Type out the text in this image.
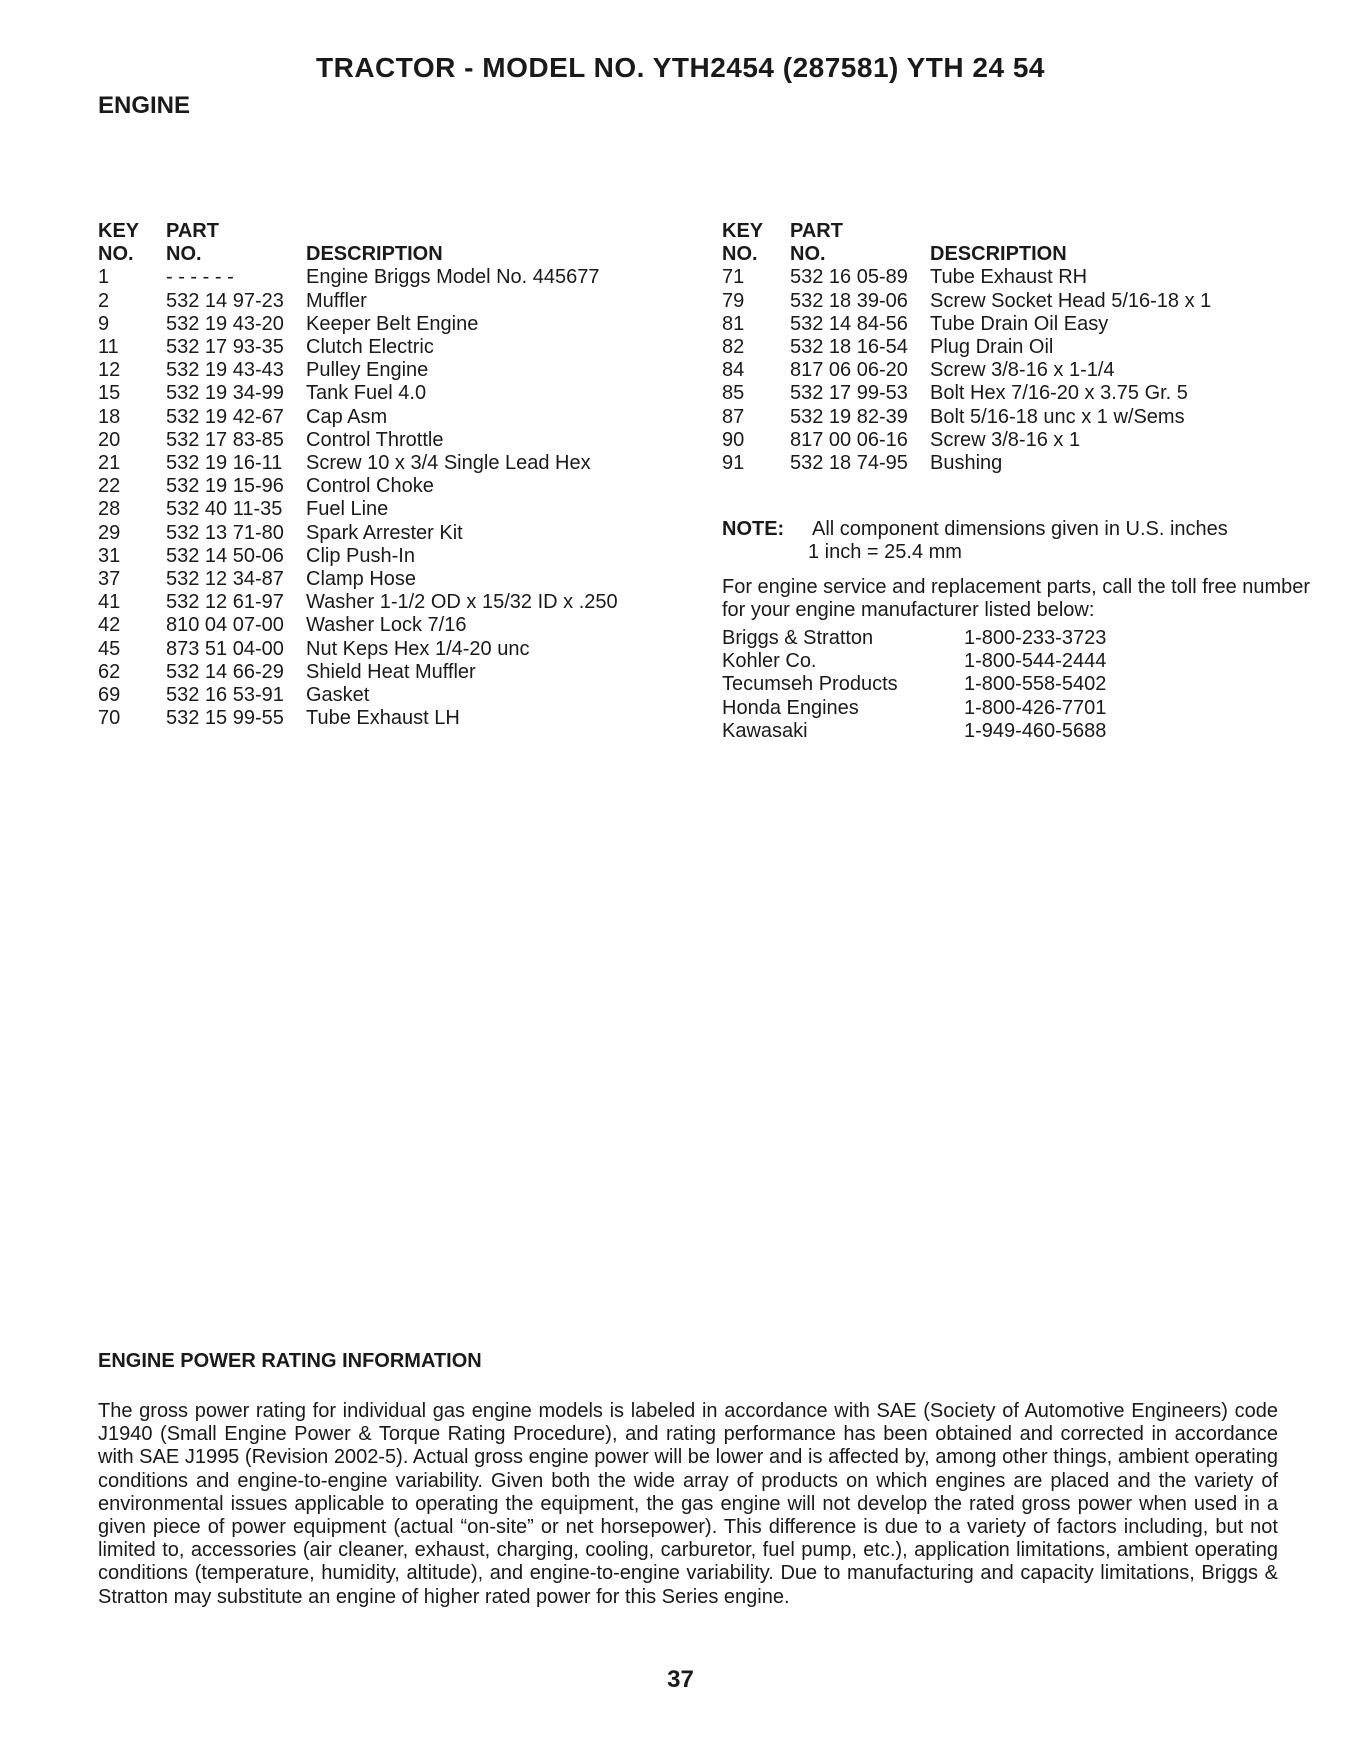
TRACTOR - MODEL NO. YTH2454 (287581) YTH 24 54
ENGINE
KEY	PART
NO.	NO.	DESCRIPTION
1	- - - - - -	Engine Briggs Model No. 445677
2	532 14 97-23	Muffler
9	532 19 43-20	Keeper Belt Engine
11	532 17 93-35	Clutch Electric
12	532 19 43-43	Pulley Engine
15	532 19 34-99	Tank Fuel 4.0
18	532 19 42-67	Cap Asm
20	532 17 83-85	Control Throttle
21	532 19 16-11	Screw 10 x 3/4 Single Lead Hex
22	532 19 15-96	Control Choke
28	532 40 11-35	Fuel Line
29	532 13 71-80	Spark Arrester Kit
31	532 14 50-06	Clip Push-In
37	532 12 34-87	Clamp Hose
41	532 12 61-97	Washer 1-1/2 OD x 15/32 ID x .250
42	810 04 07-00	Washer Lock 7/16
45	873 51 04-00	Nut Keps Hex 1/4-20 unc
62	532 14 66-29	Shield Heat Muffler
69	532 16 53-91	Gasket
70	532 15 99-55	Tube Exhaust LH
KEY	PART
NO.	NO.	DESCRIPTION
71	532 16 05-89	Tube Exhaust RH
79	532 18 39-06	Screw Socket Head 5/16-18 x 1
81	532 14 84-56	Tube Drain Oil Easy
82	532 18 16-54	Plug Drain Oil
84	817 06 06-20	Screw 3/8-16 x 1-1/4
85	532 17 99-53	Bolt Hex 7/16-20 x 3.75 Gr. 5
87	532 19 82-39	Bolt 5/16-18 unc x 1 w/Sems
90	817 00 06-16	Screw 3/8-16 x 1
91	532 18 74-95	Bushing
NOTE:	All component dimensions given in U.S. inches
1 inch = 25.4 mm
For engine service and replacement parts, call the toll free number for your engine manufacturer listed below:
Briggs & Stratton	1-800-233-3723
Kohler Co.	1-800-544-2444
Tecumseh Products	1-800-558-5402
Honda Engines	1-800-426-7701
Kawasaki	1-949-460-5688
ENGINE POWER RATING INFORMATION

The gross power rating for individual gas engine models is labeled in accordance with SAE (Society of Automotive Engineers) code J1940 (Small Engine Power & Torque Rating Procedure), and rating performance has been obtained and corrected in accordance with SAE J1995 (Revision 2002-5). Actual gross engine power will be lower and is affected by, among other things, ambient operating conditions and engine-to-engine variability. Given both the wide array of products on which engines are placed and the variety of environmental issues applicable to operating the equipment, the gas engine will not develop the rated gross power when used in a given piece of power equipment (actual “on-site” or net horsepower). This difference is due to a variety of factors including, but not limited to, accessories (air cleaner, exhaust, charging, cooling, carburetor, fuel pump, etc.), application limitations, ambient operating conditions (temperature, humidity, altitude), and engine-to-engine variability. Due to manufacturing and capacity limitations, Briggs & Stratton may substitute an engine of higher rated power for this Series engine.

37
